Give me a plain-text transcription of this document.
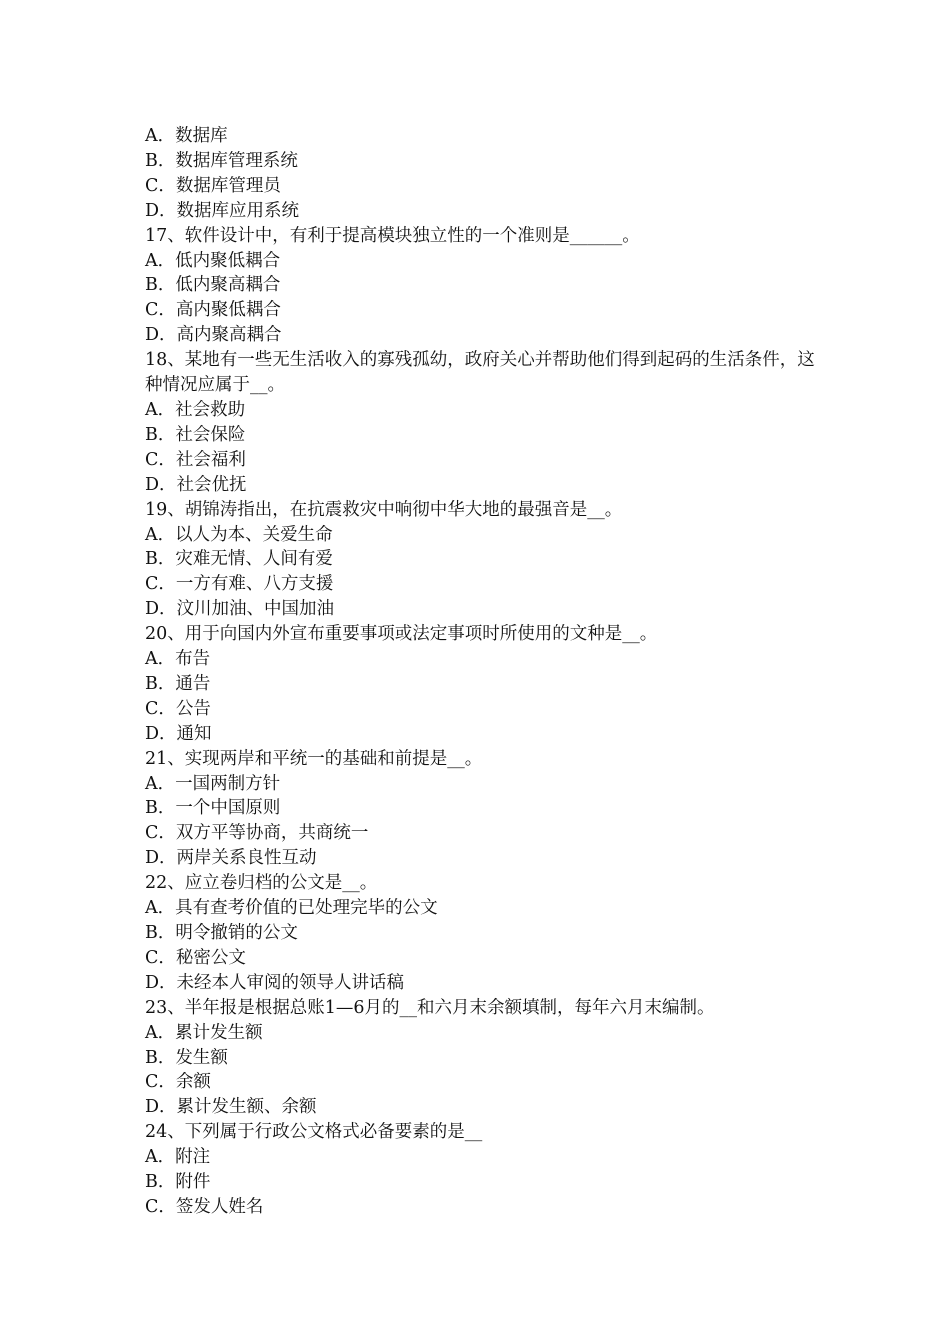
A．数据库

B．数据库管理系统

C．数据库管理员

D．数据库应用系统

17、软件设计中，有利于提高模块独立性的一个准则是______。

A．低内聚低耦合

B．低内聚高耦合

C．高内聚低耦合

D．高内聚高耦合

18、某地有一些无生活收入的寡残孤幼，政府关心并帮助他们得到起码的生活条件，这种情况应属于__。

A．社会救助

B．社会保险

C．社会福利

D．社会优抚

19、胡锦涛指出，在抗震救灾中响彻中华大地的最强音是__。

A．以人为本、关爱生命

B．灾难无情、人间有爱

C．一方有难、八方支援

D．汶川加油、中国加油

20、用于向国内外宣布重要事项或法定事项时所使用的文种是__。

A．布告

B．通告

C．公告

D．通知

21、实现两岸和平统一的基础和前提是__。

A．一国两制方针

B．一个中国原则

C．双方平等协商，共商统一

D．两岸关系良性互动

22、应立卷归档的公文是__。

A．具有查考价值的已处理完毕的公文

B．明令撤销的公文

C．秘密公文

D．未经本人审阅的领导人讲话稿

23、半年报是根据总账1—6月的__和六月末余额填制，每年六月末编制。

A．累计发生额

B．发生额

C．余额

D．累计发生额、余额

24、下列属于行政公文格式必备要素的是__

A．附注

B．附件

C．签发人姓名
